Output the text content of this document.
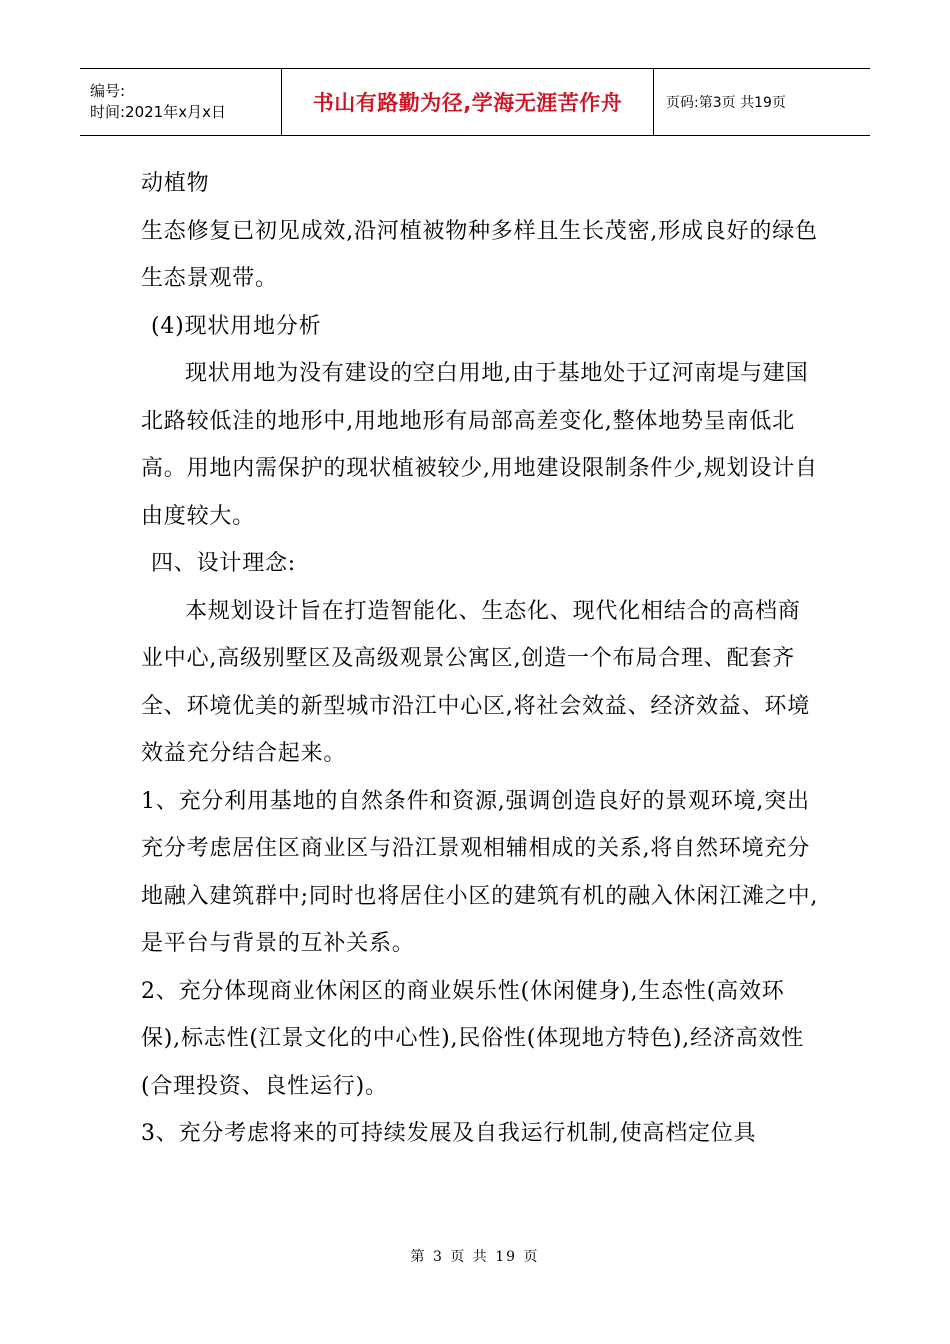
编号:
时间:2021年x月x日	书山有路勤为径,学海无涯苦作舟	页码:第3页 共19页

动植物

生态修复已初见成效,沿河植被物种多样且生长茂密,形成良好的绿色生态景观带。

(4)现状用地分析

现状用地为没有建设的空白用地,由于基地处于辽河南堤与建国北路较低洼的地形中,用地地形有局部高差变化,整体地势呈南低北高。用地内需保护的现状植被较少,用地建设限制条件少,规划设计自由度较大。

四、设计理念:

本规划设计旨在打造智能化、生态化、现代化相结合的高档商业中心,高级别墅区及高级观景公寓区,创造一个布局合理、配套齐全、环境优美的新型城市沿江中心区,将社会效益、经济效益、环境效益充分结合起来。

1、充分利用基地的自然条件和资源,强调创造良好的景观环境,突出充分考虑居住区商业区与沿江景观相辅相成的关系,将自然环境充分地融入建筑群中;同时也将居住小区的建筑有机的融入休闲江滩之中,是平台与背景的互补关系。

2、充分体现商业休闲区的商业娱乐性(休闲健身),生态性(高效环保),标志性(江景文化的中心性),民俗性(体现地方特色),经济高效性(合理投资、良性运行)。

3、充分考虑将来的可持续发展及自我运行机制,使高档定位具

第 3 页 共 19 页
